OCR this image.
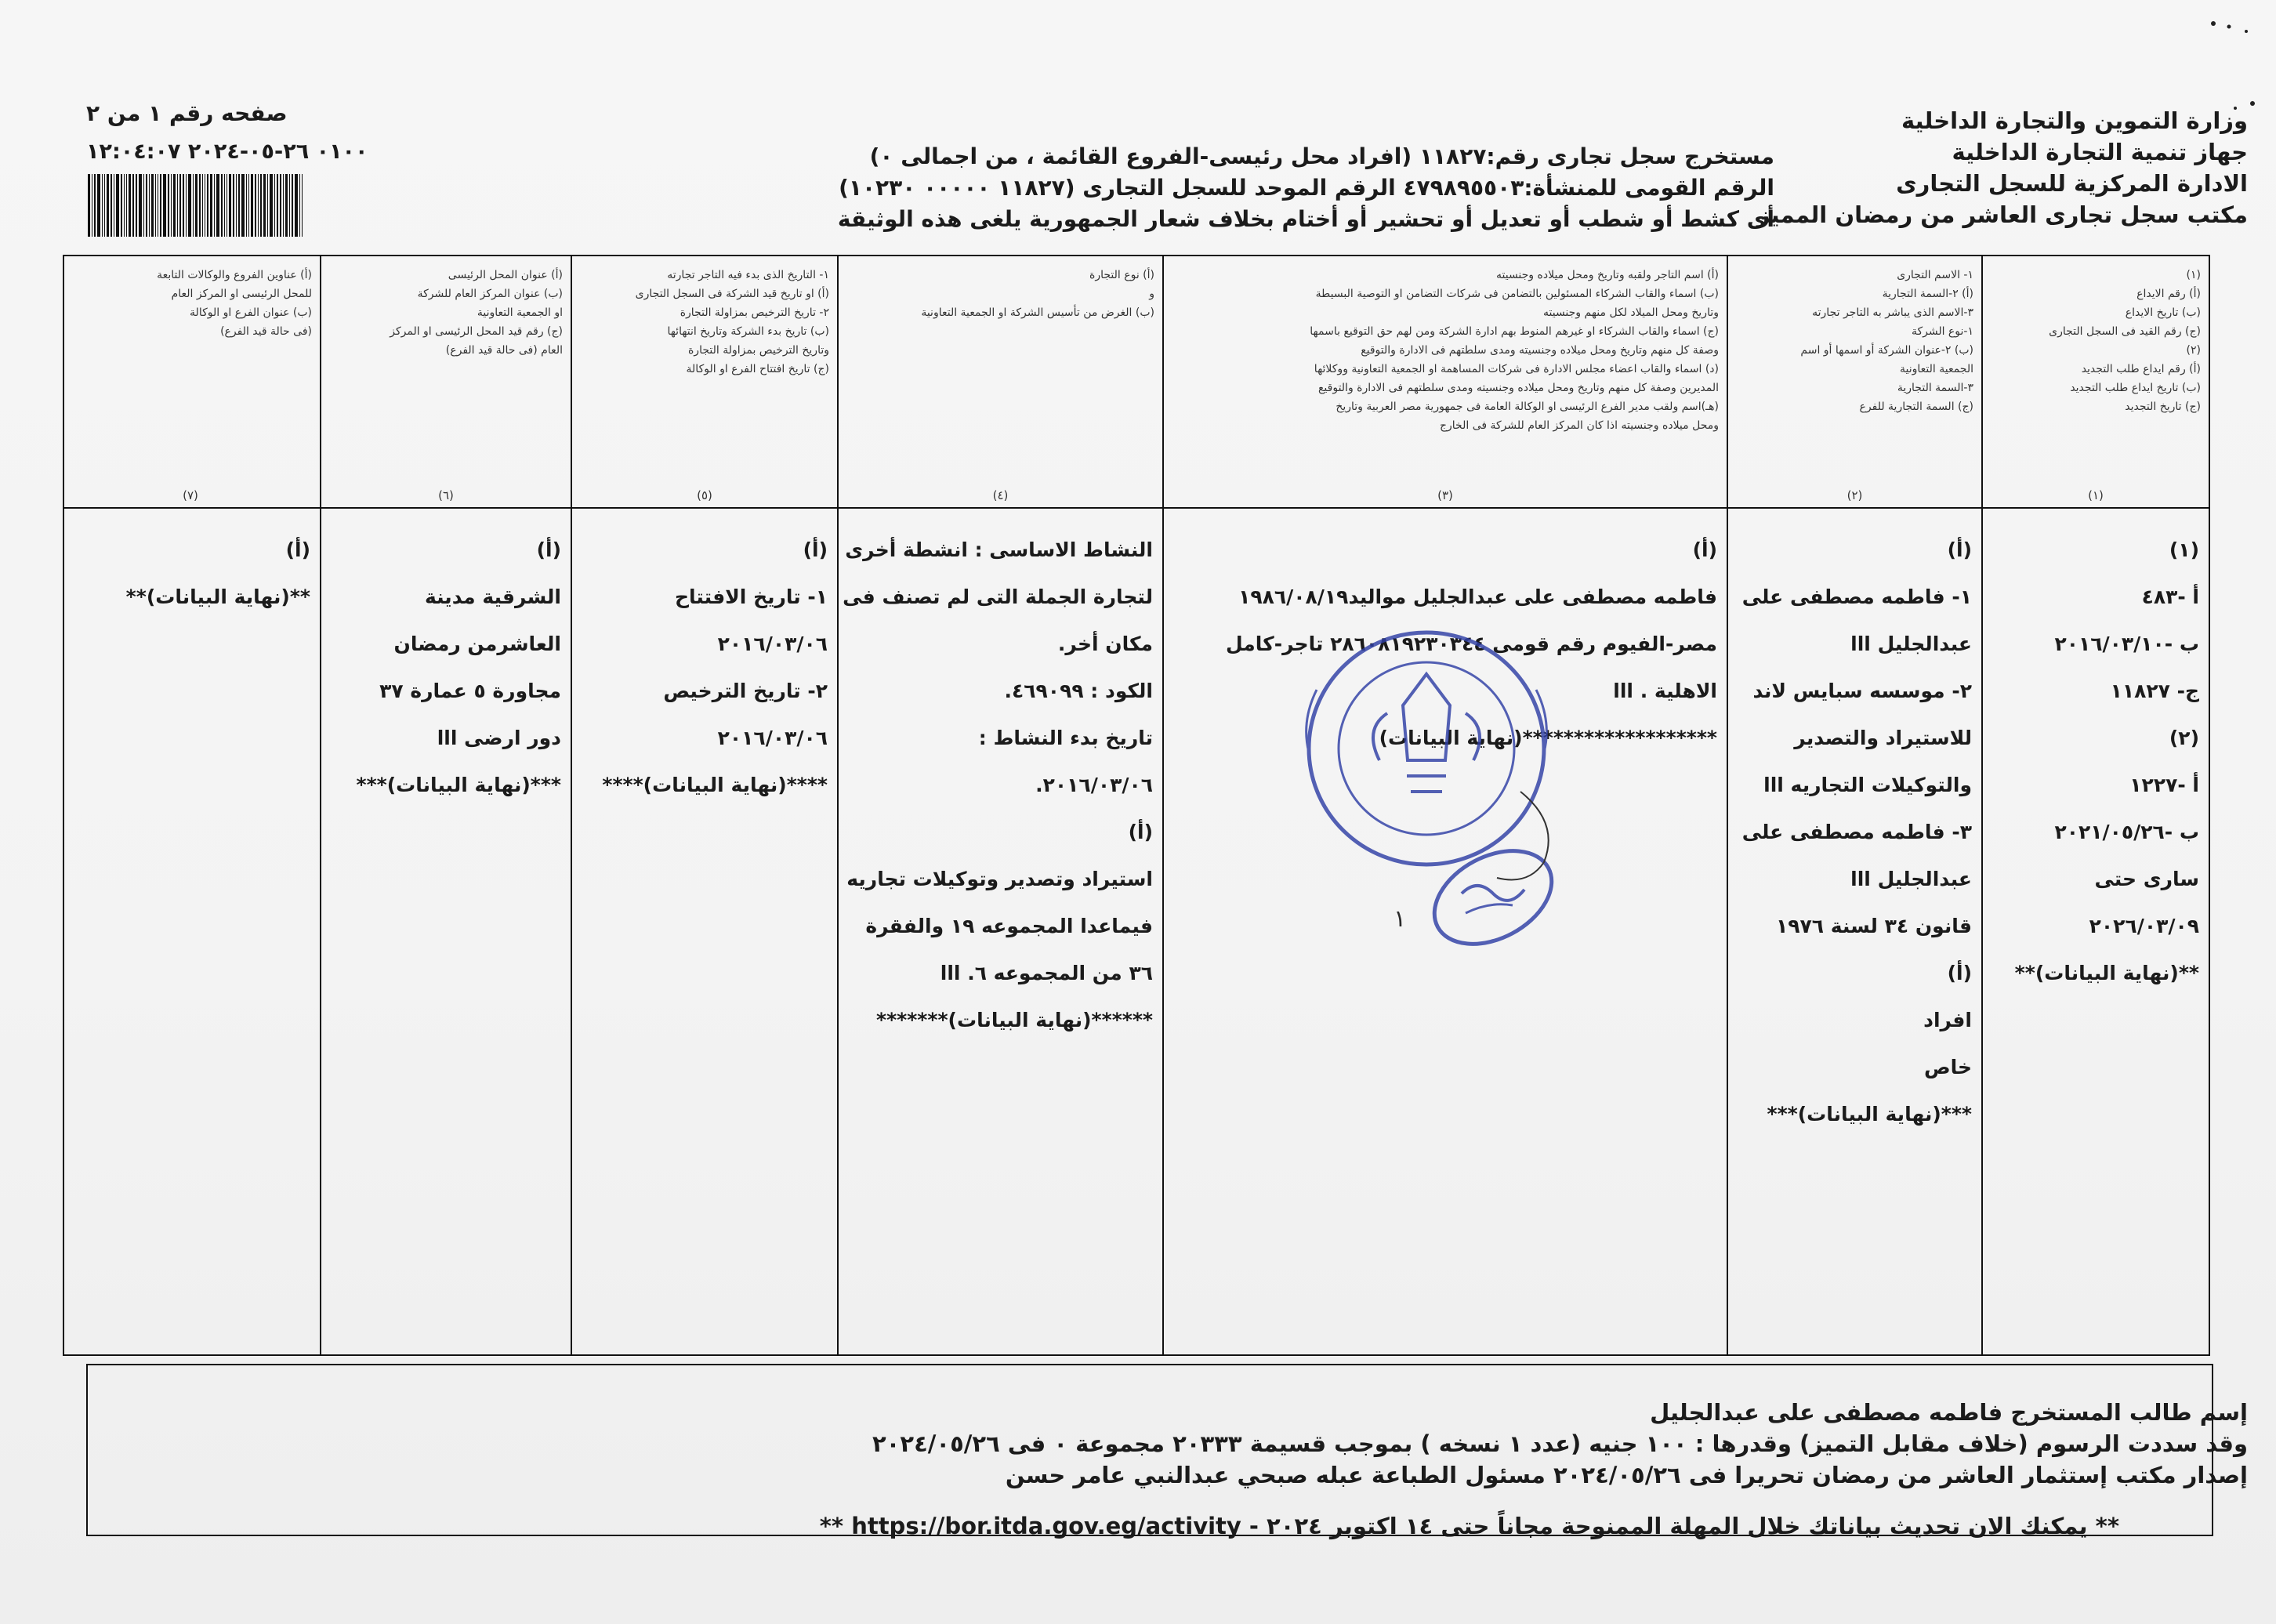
وزارة التموين والتجارة الداخلية
جهاز تنمية التجارة الداخلية
الادارة المركزية للسجل التجارى
مكتب سجل تجارى العاشر من رمضان المميز
مستخرج سجل تجارى رقم:١١٨٢٧ (افراد محل رئيسى-الفروع القائمة ، من اجمالى ٠)
الرقم القومى للمنشأة:٤٧٩٨٩٥٥٠٣ الرقم الموحد للسجل التجارى (١١٨٢٧ ٠٠٠٠٠ ١٠٢٣٠)
أى كشط أو شطب أو تعديل أو تحشير أو أختام بخلاف شعار الجمهورية يلغى هذه الوثيقة
صفحه رقم ١ من ٢
٠١٠٠ ٢٦-٠٥-٢٠٢٤ ١٢:٠٤:٠٧
(١)
(أ) رقم الايداع
(ب) تاريخ الايداع
(ج) رقم القيد فى السجل التجارى
(٢)
(أ) رقم ايداع طلب التجديد
(ب) تاريخ ايداع طلب التجديد
(ج) تاريخ التجديد
(١)
(١)
أ -٤٨٣
ب -٢٠١٦/٠٣/١٠
ج- ١١٨٢٧
(٢)
أ -١٢٢٧
ب -٢٠٢١/٠٥/٢٦
سارى حتى
٢٠٢٦/٠٣/٠٩
**(نهاية البيانات)**
١- الاسم التجارى
(أ) ٢-السمة التجارية
٣-الاسم الذى يباشر به التاجر تجارته
١-نوع الشركة
(ب) ٢-عنوان الشركة أو اسمها أو اسم
الجمعية التعاونية
٣-السمة التجارية
(ج) السمة التجارية للفرع
(٢)
(أ)
١- فاطمه مصطفى على
عبدالجليل ااا
٢- موسسه سبايس لاند
للاستيراد والتصدير
والتوكيلات التجاريه ااا
٣- فاطمه مصطفى على
عبدالجليل ااا
قانون ٣٤ لسنة ١٩٧٦
(أ)
افراد
خاص
***(نهاية البيانات)***
(أ) اسم التاجر ولقبه وتاريخ ومحل ميلاده وجنسيته
(ب) اسماء والقاب الشركاء المسئولين بالتضامن فى شركات التضامن او التوصية البسيطة
وتاريخ ومحل الميلاد لكل منهم وجنسيته
(ج) اسماء والقاب الشركاء او غيرهم المنوط بهم ادارة الشركة ومن لهم حق التوقيع باسمها
وصفة كل منهم وتاريخ ومحل ميلاده وجنسيته ومدى سلطتهم فى الادارة والتوقيع
(د) اسماء والقاب اعضاء مجلس الادارة فى شركات المساهمة او الجمعية التعاونية ووكلائها
المديرين وصفة كل منهم وتاريخ ومحل ميلاده وجنسيته ومدى سلطتهم فى الادارة والتوقيع
(هـ)اسم ولقب مدير الفرع الرئيسى او الوكالة العامة فى جمهورية مصر العربية وتاريخ
ومحل ميلاده وجنسيته اذا كان المركز العام للشركة فى الخارج
(٣)
(أ)
فاطمه مصطفى على عبدالجليل مواليد١٩٨٦/٠٨/١٩
مصر-الفيوم رقم قومى ٢٨٦٠٨١٩٢٣٠٣٤٤ تاجر-كامل
الاهلية . ااا
*******************(نهاية البيانات)
(أ) نوع التجارة
و
(ب) الغرض من تأسيس الشركة او الجمعية التعاونية
(٤)
النشاط الاساسى : انشطة أخرى
لتجارة الجملة التى لم تصنف فى
مكان أخر.
الكود : ٤٦٩٠٩٩.
تاريخ بدء النشاط :
٢٠١٦/٠٣/٠٦.
(أ)
استيراد وتصدير وتوكيلات تجاريه
فيماعدا المجموعه ١٩ والفقرة
٣٦ من المجموعه ٦. ااا
******(نهاية البيانات)*******
١- التاريخ الذى بدء فيه التاجر تجارته
(أ) او تاريخ قيد الشركة فى السجل التجارى
٢- تاريخ الترخيص بمزاولة التجارة
(ب) تاريخ بدء الشركة وتاريخ انتهائها
وتاريخ الترخيص بمزاولة التجارة
(ج) تاريخ افتتاح الفرع او الوكالة
(٥)
(أ)
١- تاريخ الافتتاح
٢٠١٦/٠٣/٠٦
٢- تاريخ الترخيص
٢٠١٦/٠٣/٠٦
****(نهاية البيانات)****
(أ) عنوان المحل الرئيسى
(ب) عنوان المركز العام للشركة
او الجمعية التعاونية
(ج) رقم قيد المحل الرئيسى او المركز
العام (فى حالة قيد الفرع)
(٦)
(أ)
الشرقية مدينة
العاشرمن رمضان
مجاورة ٥ عمارة ٣٧
دور ارضى ااا
***(نهاية البيانات)***
(أ) عناوين الفروع والوكالات التابعة
للمحل الرئيسى او المركز العام
(ب) عنوان الفرع او الوكالة
(فى حالة قيد الفرع)
(٧)
(أ)
**(نهاية البيانات)**
١
إسم طالب المستخرج فاطمه مصطفى على عبدالجليل
وقد سددت الرسوم (خلاف مقابل التميز) وقدرها : ١٠٠ جنيه (عدد ١ نسخه ) بموجب قسيمة ٢٠٣٣٣ مجموعة ٠ فى ٢٠٢٤/٠٥/٢٦
إصدار مكتب إستثمار العاشر من رمضان تحريرا فى ٢٠٢٤/٠٥/٢٦ مسئول الطباعة عبله صبحي عبدالنبي عامر حسن
** يمكنك الان تحديث بياناتك خلال المهلة الممنوحة مجاناً حتى ١٤ اكتوبر ٢٠٢٤ - https://bor.itda.gov.eg/activity **
